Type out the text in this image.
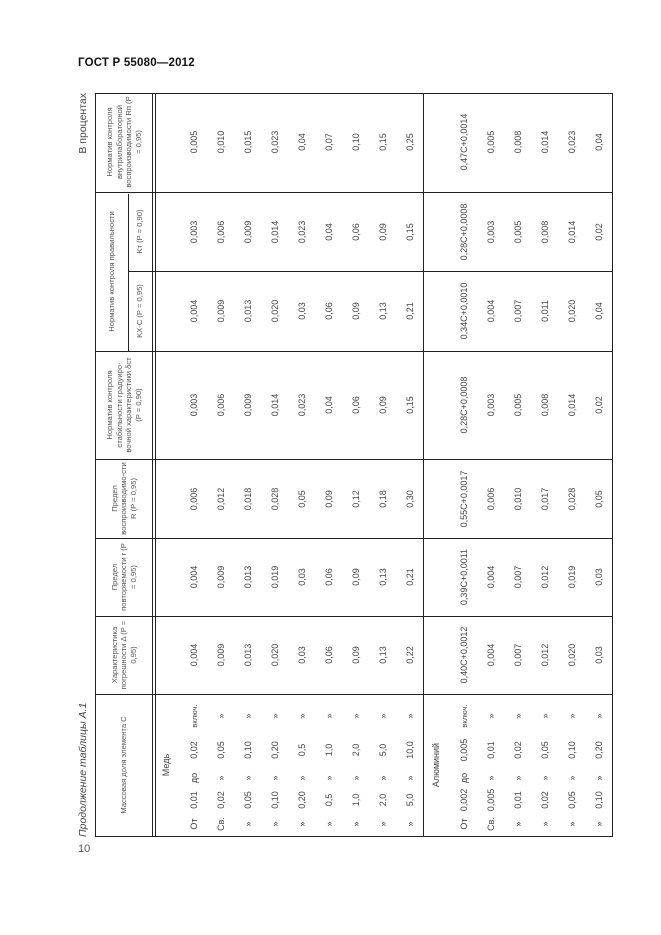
ГОСТ Р 55080—2012
10
Продолжение таблицы А.1
В процентах
Массовая доля элемента С
Характеристика погрешности Δ (P = 0,95)
Предел повторяемости r (P = 0,95)
Предел воспроизводимо-сти R (P = 0,95)
Норматив контроля стабильности градуиро-вочной характеристики δст (P = 0,90)
Норматив контроля правильности	KХ-С (P = 0,95)
Kт (P = 0,90)
Норматив контроля внутрилабораторной воспроизводимости Rп (P = 0,95)
Медь
От
0,01
до
0,02
включ.
0,004
0,004
0,006
0,003
0,004
0,003
0,005
Св.
0,02
»
0,05
»
0,009
0,009
0,012
0,006
0,009
0,006
0,010
»
0,05
»
0,10
»
0,013
0,013
0,018
0,009
0,013
0,009
0,015
»
0,10
»
0,20
»
0,020
0,019
0,028
0,014
0,020
0,014
0,023
»
0,20
»
0,5
»
0,03
0,03
0,05
0,023
0,03
0,023
0,04
»
0,5
»
1,0
»
0,06
0,06
0,09
0,04
0,06
0,04
0,07
»
1,0
»
2,0
»
0,09
0,09
0,12
0,06
0,09
0,06
0,10
»
2,0
»
5,0
»
0,13
0,13
0,18
0,09
0,13
0,09
0,15
»
5,0
»
10,0
»
0,22
0,21
0,30
0,15
0,21
0,15
0,25
Алюминий
От
0,002
до
0,005
включ.
0,40C+0,0012
0,39C+0,0011
0,55C+0,0017
0,28C+0,0008
0,34C+0,0010
0,28C+0,0008
0,47C+0,0014
Св.
0,005
»
0,01
»
0,004
0,004
0,006
0,003
0,004
0,003
0,005
»
0,01
»
0,02
»
0,007
0,007
0,010
0,005
0,007
0,005
0,008
»
0,02
»
0,05
»
0,012
0,012
0,017
0,008
0,011
0,008
0,014
»
0,05
»
0,10
»
0,020
0,019
0,028
0,014
0,020
0,014
0,023
»
0,10
»
0,20
»
0,03
0,03
0,05
0,02
0,04
0,02
0,04
